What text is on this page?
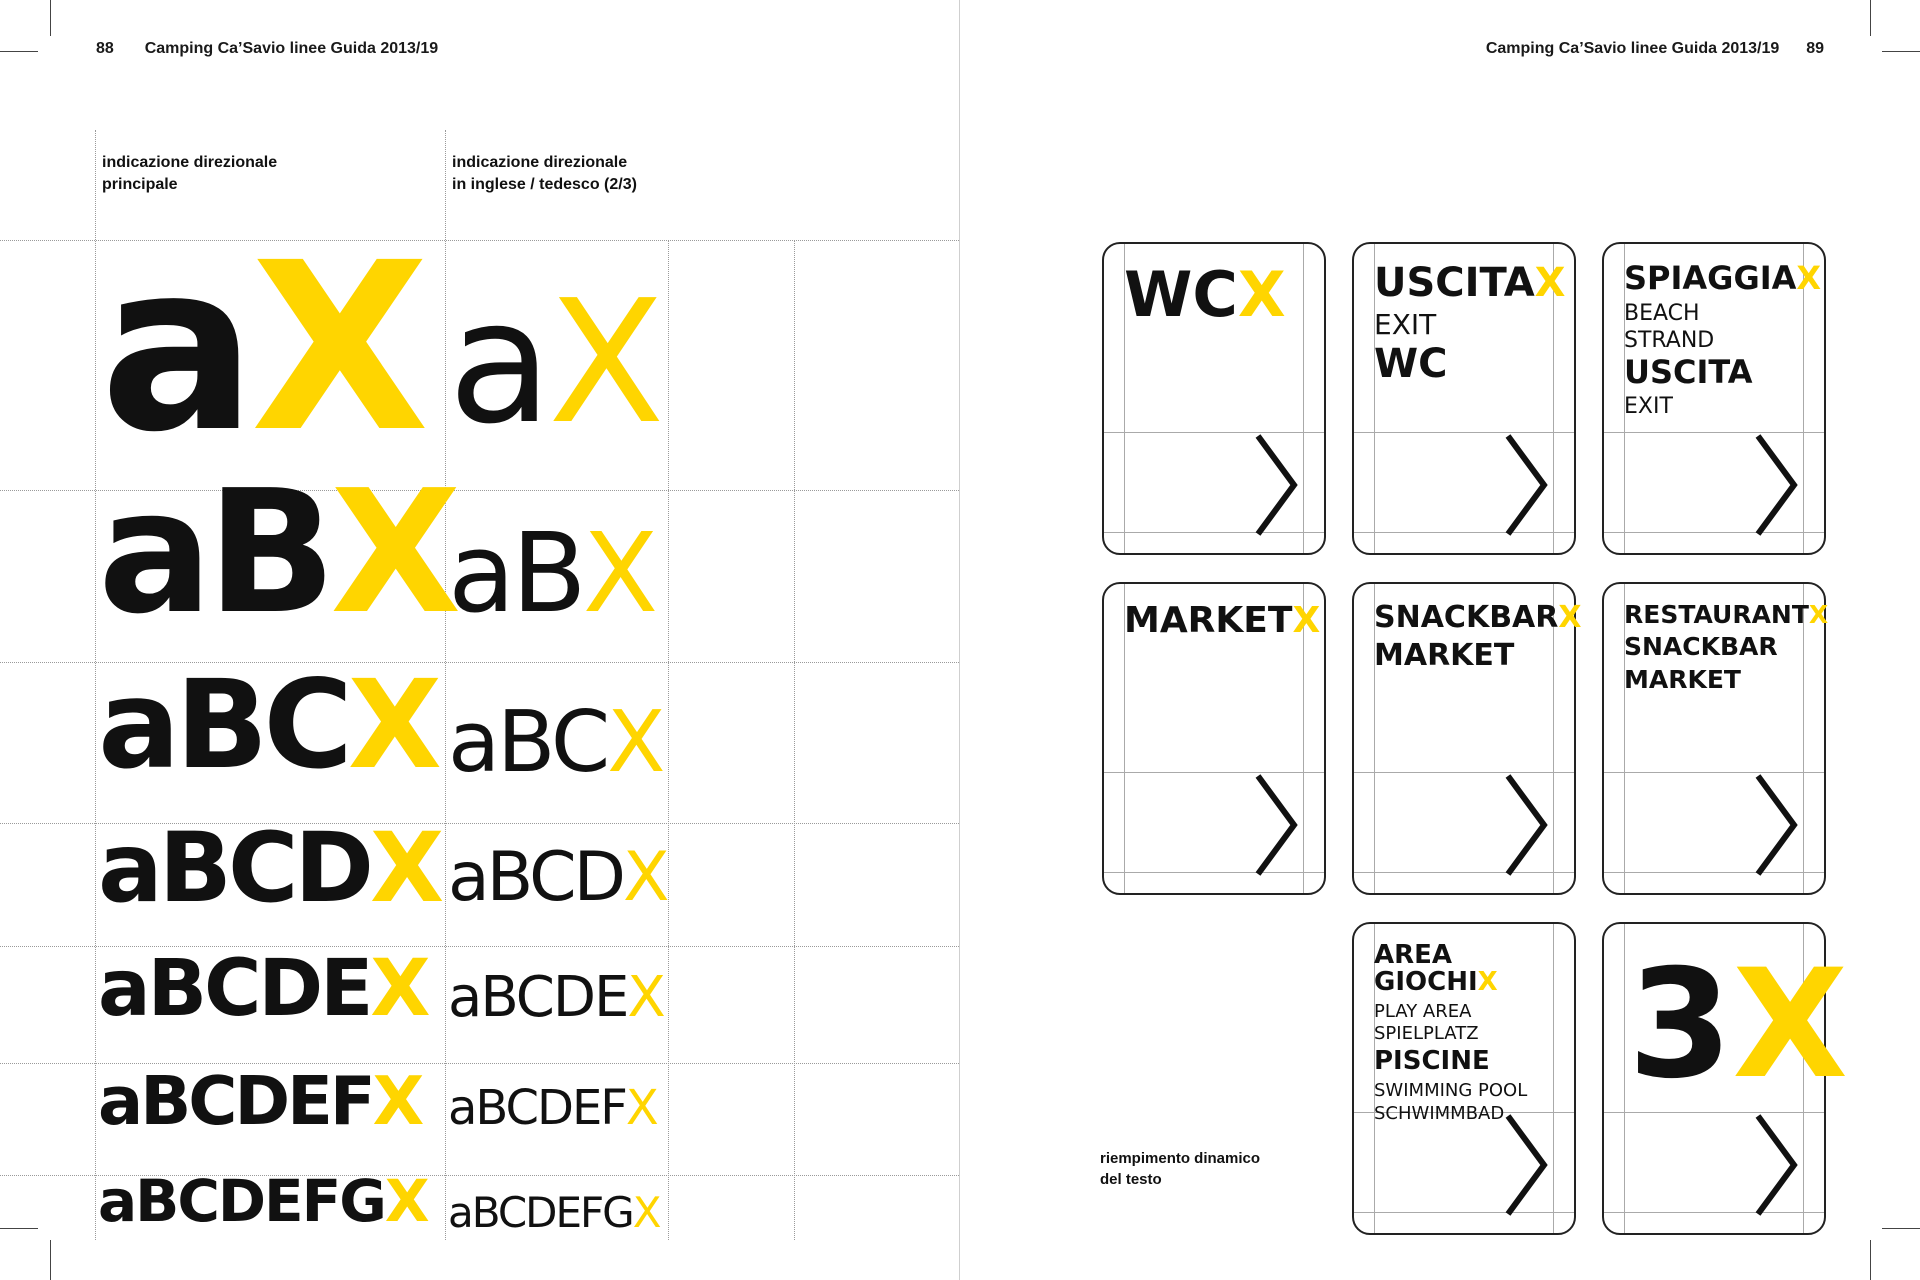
88 Camping Ca’Savio linee Guida 2013/19	Camping Ca’Savio linee Guida 2013/19 89
indicazione direzionale
principale
indicazione direzionale
in inglese / tedesco (2/3)
aX
aBX
aBCX
aBCDX
aBCDEX
aBCDEFX
aBCDEFGX
aX
aBX
aBCX
aBCDX
aBCDEX
aBCDEFX
aBCDEFGX
WCX	USCITAX
EXIT
WC
SPIAGGIAX
BEACH
STRAND
USCITA
EXIT
MARKETX SNACKBARX
MARKET
RESTAURANTX
SNACKBAR
MARKET
AREA GIOCHIX
PLAY AREA
SPIELPLATZ
PISCINE
SWIMMING POOL
SCHWIMMBAD
3X
riempimento dinamico
del testo
